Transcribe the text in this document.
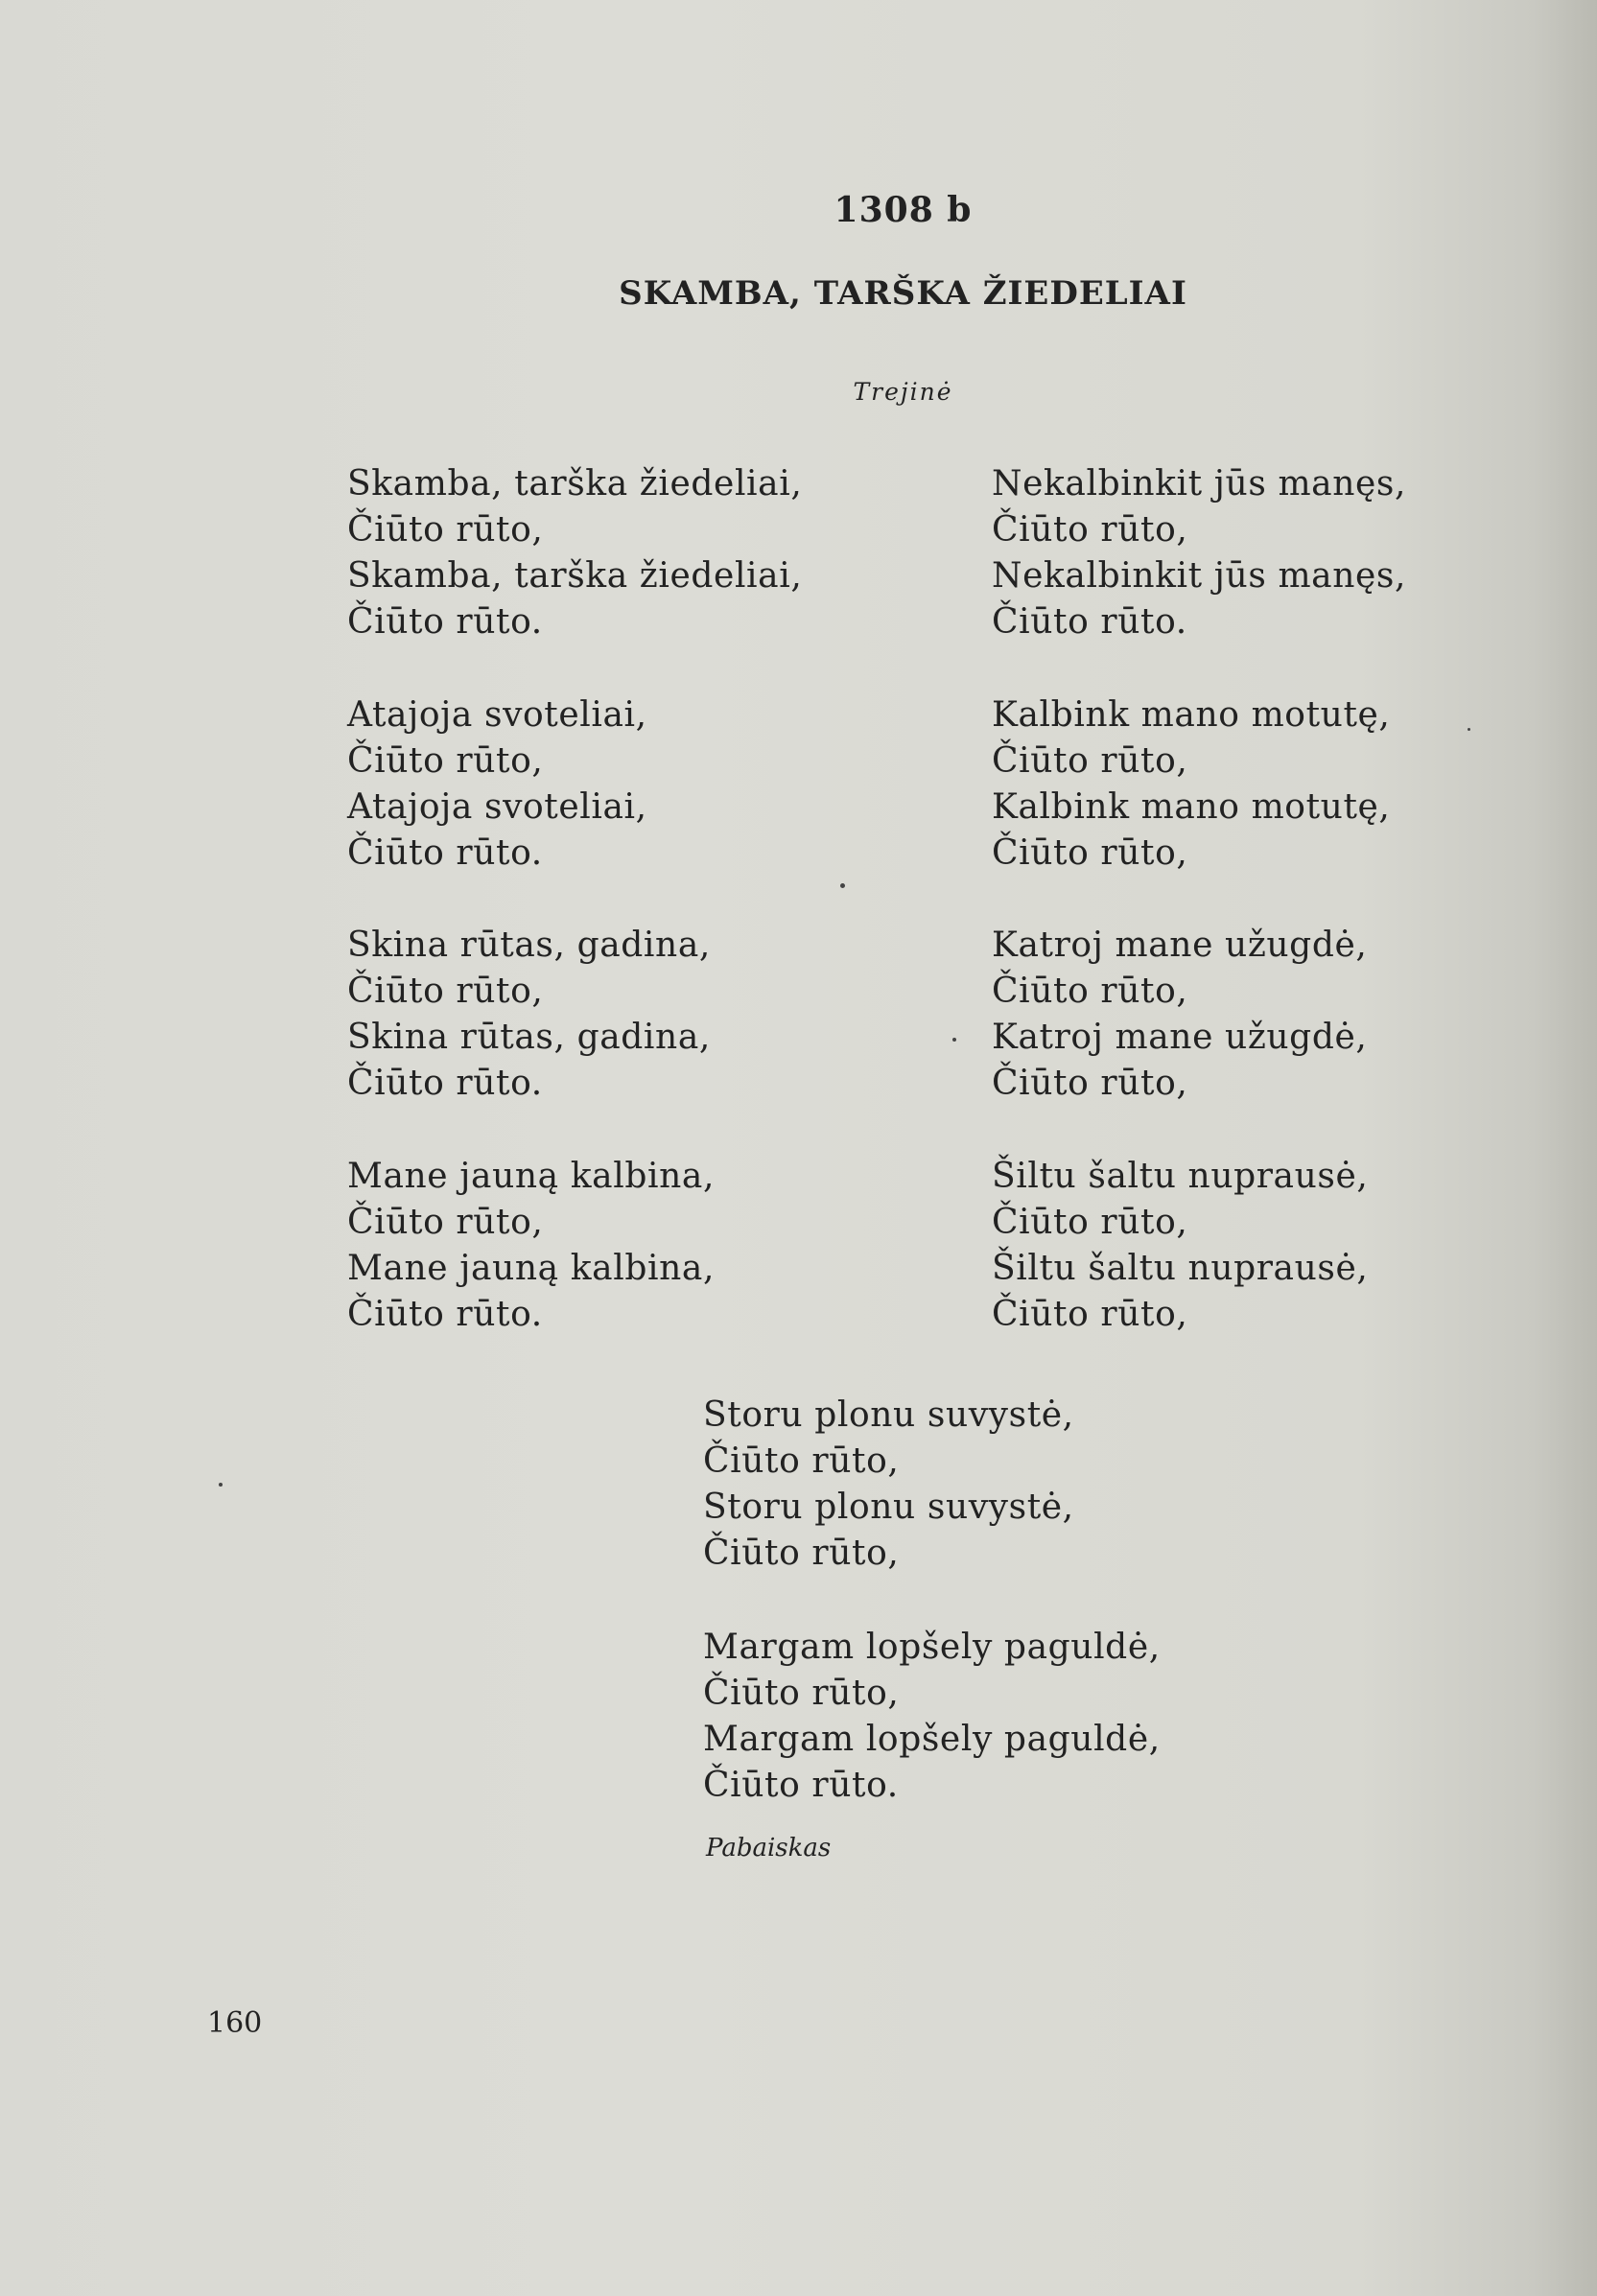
1308 b
SKAMBA, TARŠKA ŽIEDELIAI
Trejinė
Skamba, tarška žiedeliai,
Čiūto rūto,
Skamba, tarška žiedeliai,
Čiūto rūto.
Atajoja svoteliai,
Čiūto rūto,
Atajoja svoteliai,
Čiūto rūto.
Skina rūtas, gadina,
Čiūto rūto,
Skina rūtas, gadina,
Čiūto rūto.
Mane jauną kalbina,
Čiūto rūto,
Mane jauną kalbina,
Čiūto rūto.
Nekalbinkit jūs manęs,
Čiūto rūto,
Nekalbinkit jūs manęs,
Čiūto rūto.
Kalbink mano motutę,
Čiūto rūto,
Kalbink mano motutę,
Čiūto rūto,
Katroj mane užugdė,
Čiūto rūto,
Katroj mane užugdė,
Čiūto rūto,
Šiltu šaltu nuprausė,
Čiūto rūto,
Šiltu šaltu nuprausė,
Čiūto rūto,
Storu plonu suvystė,
Čiūto rūto,
Storu plonu suvystė,
Čiūto rūto,
Margam lopšely paguldė,
Čiūto rūto,
Margam lopšely paguldė,
Čiūto rūto.
Pabaiskas
160
